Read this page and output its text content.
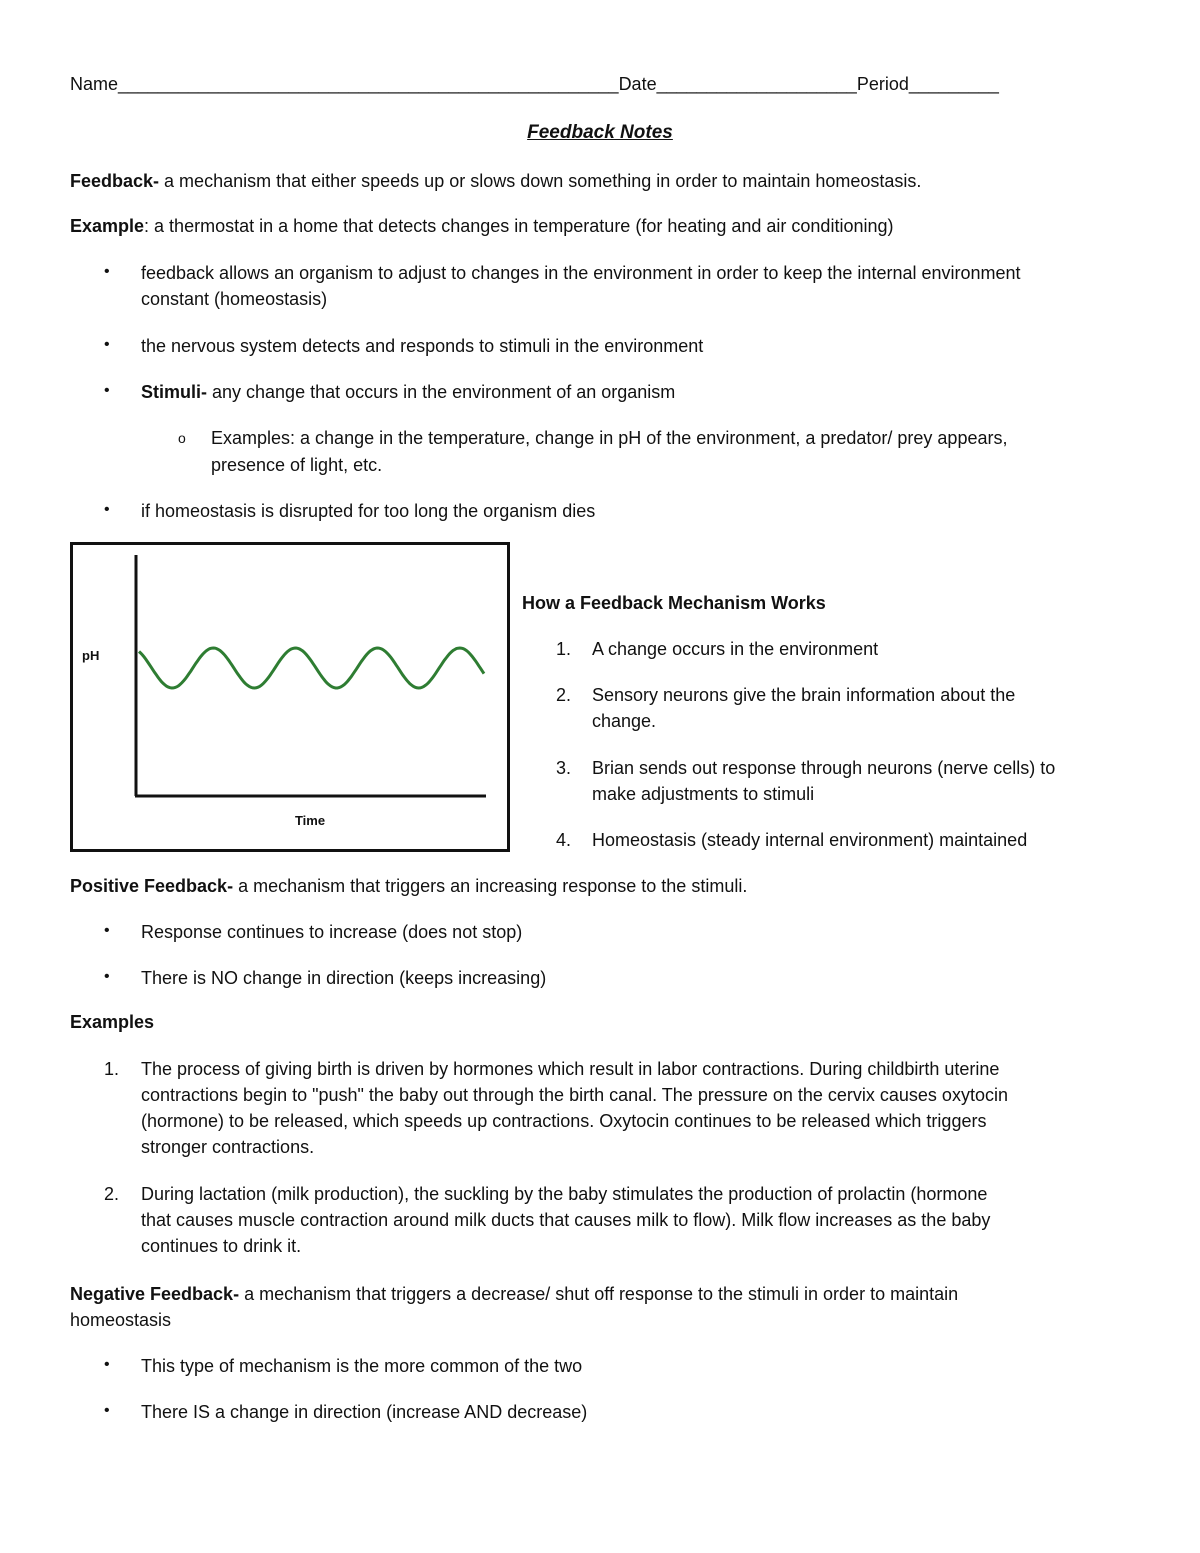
Name__________________________________________________Date____________________Period_________
Feedback Notes
Feedback- a mechanism that either speeds up or slows down something in order to maintain homeostasis.
Example: a thermostat in a home that detects changes in temperature (for heating and air conditioning)
• feedback allows an organism to adjust to changes in the environment in order to keep the internal environment
constant (homeostasis)
• the nervous system detects and responds to stimuli in the environment
• Stimuli- any change that occurs in the environment of an organism
o Examples: a change in the temperature, change in pH of the environment, a predator/ prey appears,
presence of light, etc.
• if homeostasis is disrupted for too long the organism dies
pH
Time
How a Feedback Mechanism Works
1. A change occurs in the environment
2. Sensory neurons give the brain information about the
change.
3. Brian sends out response through neurons (nerve cells) to
make adjustments to stimuli
4. Homeostasis (steady internal environment) maintained
Positive Feedback- a mechanism that triggers an increasing response to the stimuli.
• Response continues to increase (does not stop)
• There is NO change in direction (keeps increasing)
Examples
1. The process of giving birth is driven by hormones which result in labor contractions. During childbirth uterine
contractions begin to "push" the baby out through the birth canal. The pressure on the cervix causes oxytocin
(hormone) to be released, which speeds up contractions. Oxytocin continues to be released which triggers
stronger contractions.
2. During lactation (milk production), the suckling by the baby stimulates the production of prolactin (hormone
that causes muscle contraction around milk ducts that causes milk to flow). Milk flow increases as the baby
continues to drink it.
Negative Feedback- a mechanism that triggers a decrease/ shut off response to the stimuli in order to maintain
homeostasis
• This type of mechanism is the more common of the two
• There IS a change in direction (increase AND decrease)
